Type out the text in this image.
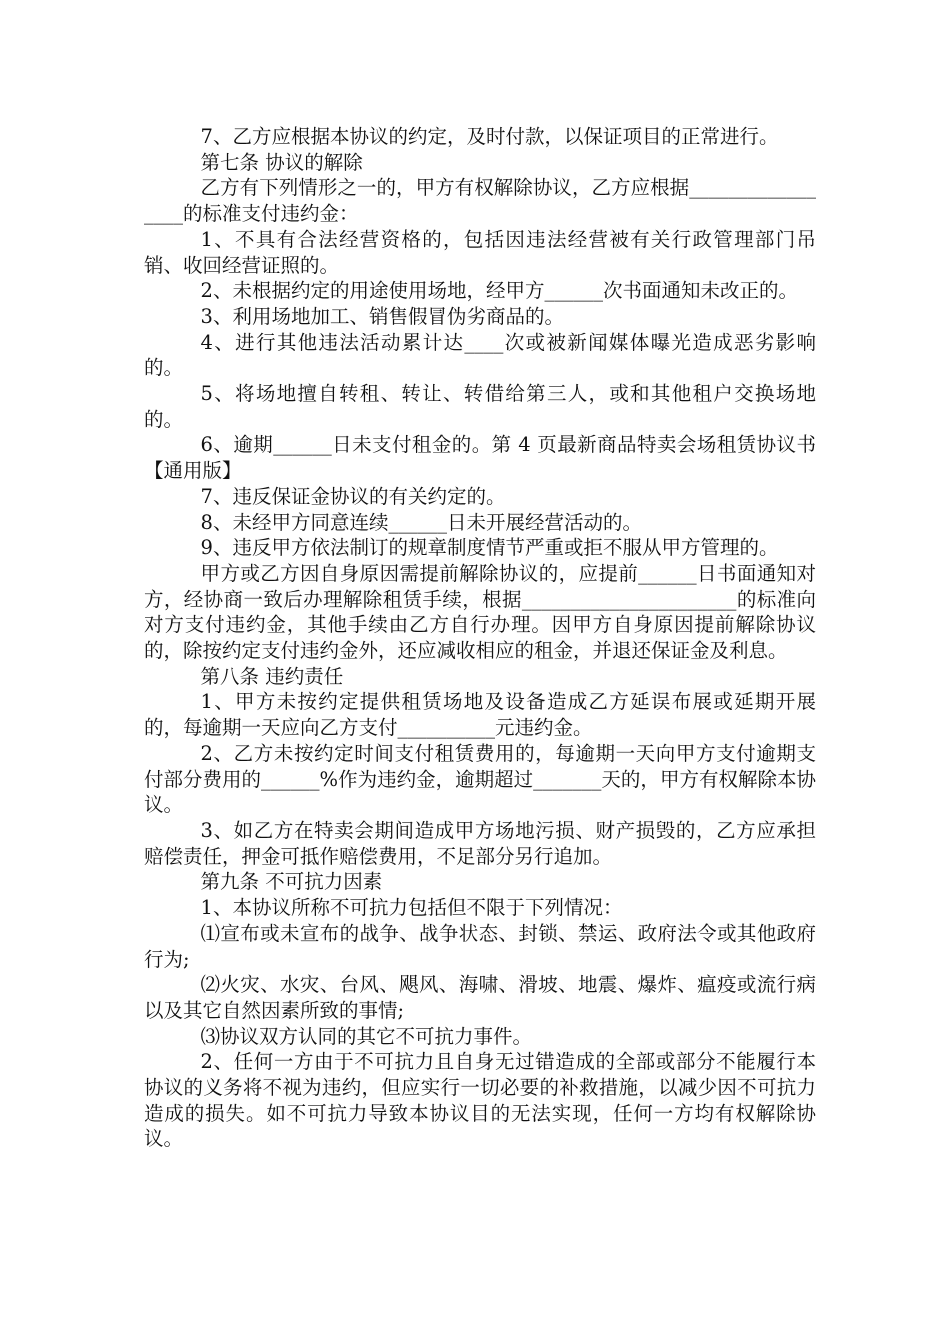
7、乙方应根据本协议的约定，及时付款，以保证项目的正常进行。

第七条 协议的解除

乙方有下列情形之一的，甲方有权解除协议，乙方应根据_________________的标准支付违约金：

1、不具有合法经营资格的，包括因违法经营被有关行政管理部门吊销、收回经营证照的。

2、未根据约定的用途使用场地，经甲方______次书面通知未改正的。

3、利用场地加工、销售假冒伪劣商品的。

4、进行其他违法活动累计达____次或被新闻媒体曝光造成恶劣影响的。

5、将场地擅自转租、转让、转借给第三人，或和其他租户交换场地的。

6、逾期______日未支付租金的。第 4 页最新商品特卖会场租赁协议书【通用版】

7、违反保证金协议的有关约定的。

8、未经甲方同意连续______日未开展经营活动的。

9、违反甲方依法制订的规章制度情节严重或拒不服从甲方管理的。

甲方或乙方因自身原因需提前解除协议的，应提前______日书面通知对方，经协商一致后办理解除租赁手续，根据______________________的标准向对方支付违约金，其他手续由乙方自行办理。因甲方自身原因提前解除协议的，除按约定支付违约金外，还应减收相应的租金，并退还保证金及利息。

第八条 违约责任

1、甲方未按约定提供租赁场地及设备造成乙方延误布展或延期开展的，每逾期一天应向乙方支付__________元违约金。

2、乙方未按约定时间支付租赁费用的，每逾期一天向甲方支付逾期支付部分费用的______%作为违约金，逾期超过_______天的，甲方有权解除本协议。

3、如乙方在特卖会期间造成甲方场地污损、财产损毁的，乙方应承担赔偿责任，押金可抵作赔偿费用，不足部分另行追加。

第九条 不可抗力因素

1、本协议所称不可抗力包括但不限于下列情况：

⑴宣布或未宣布的战争、战争状态、封锁、禁运、政府法令或其他政府行为;

⑵火灾、水灾、台风、飓风、海啸、滑坡、地震、爆炸、瘟疫或流行病以及其它自然因素所致的事情;

⑶协议双方认同的其它不可抗力事件。

2、任何一方由于不可抗力且自身无过错造成的全部或部分不能履行本协议的义务将不视为违约，但应实行一切必要的补救措施，以减少因不可抗力造成的损失。如不可抗力导致本协议目的无法实现，任何一方均有权解除协议。
